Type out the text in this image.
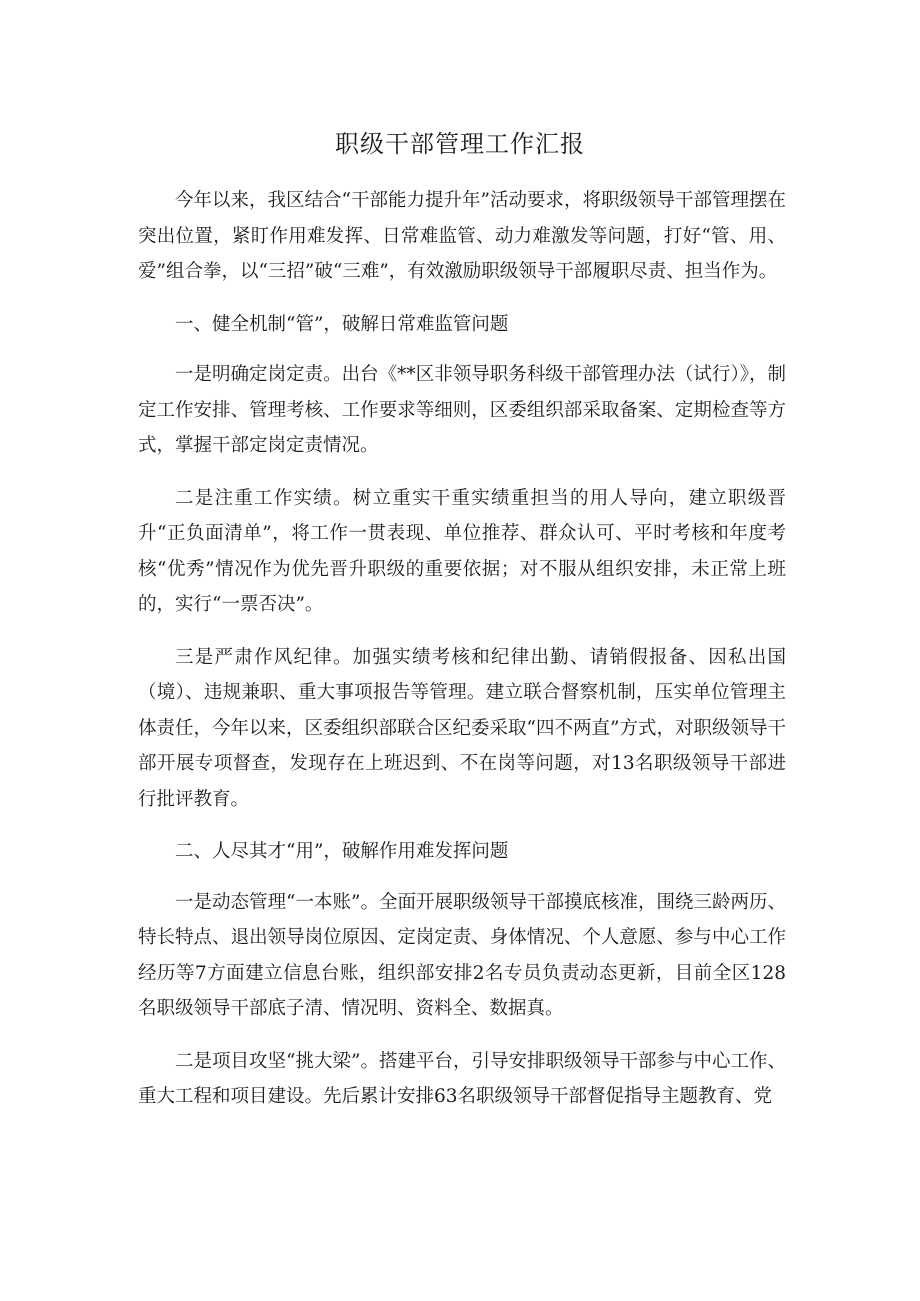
职级干部管理工作汇报

今年以来，我区结合“干部能力提升年”活动要求，将职级领导干部管理摆在突出位置，紧盯作用难发挥、日常难监管、动力难激发等问题，打好“管、用、爱”组合拳，以“三招”破“三难”，有效激励职级领导干部履职尽责、担当作为。

一、健全机制“管”，破解日常难监管问题

一是明确定岗定责。出台《**区非领导职务科级干部管理办法（试行）》，制定工作安排、管理考核、工作要求等细则，区委组织部采取备案、定期检查等方式，掌握干部定岗定责情况。

二是注重工作实绩。树立重实干重实绩重担当的用人导向，建立职级晋升“正负面清单”，将工作一贯表现、单位推荐、群众认可、平时考核和年度考核“优秀”情况作为优先晋升职级的重要依据；对不服从组织安排，未正常上班的，实行“一票否决”。

三是严肃作风纪律。加强实绩考核和纪律出勤、请销假报备、因私出国（境）、违规兼职、重大事项报告等管理。建立联合督察机制，压实单位管理主体责任，今年以来，区委组织部联合区纪委采取“四不两直”方式，对职级领导干部开展专项督查，发现存在上班迟到、不在岗等问题，对13名职级领导干部进行批评教育。

二、人尽其才“用”，破解作用难发挥问题

一是动态管理“一本账”。全面开展职级领导干部摸底核准，围绕三龄两历、特长特点、退出领导岗位原因、定岗定责、身体情况、个人意愿、参与中心工作经历等7方面建立信息台账，组织部安排2名专员负责动态更新，目前全区128名职级领导干部底子清、情况明、资料全、数据真。

二是项目攻坚“挑大梁”。搭建平台，引导安排职级领导干部参与中心工作、重大工程和项目建设。先后累计安排63名职级领导干部督促指导主题教育、党
